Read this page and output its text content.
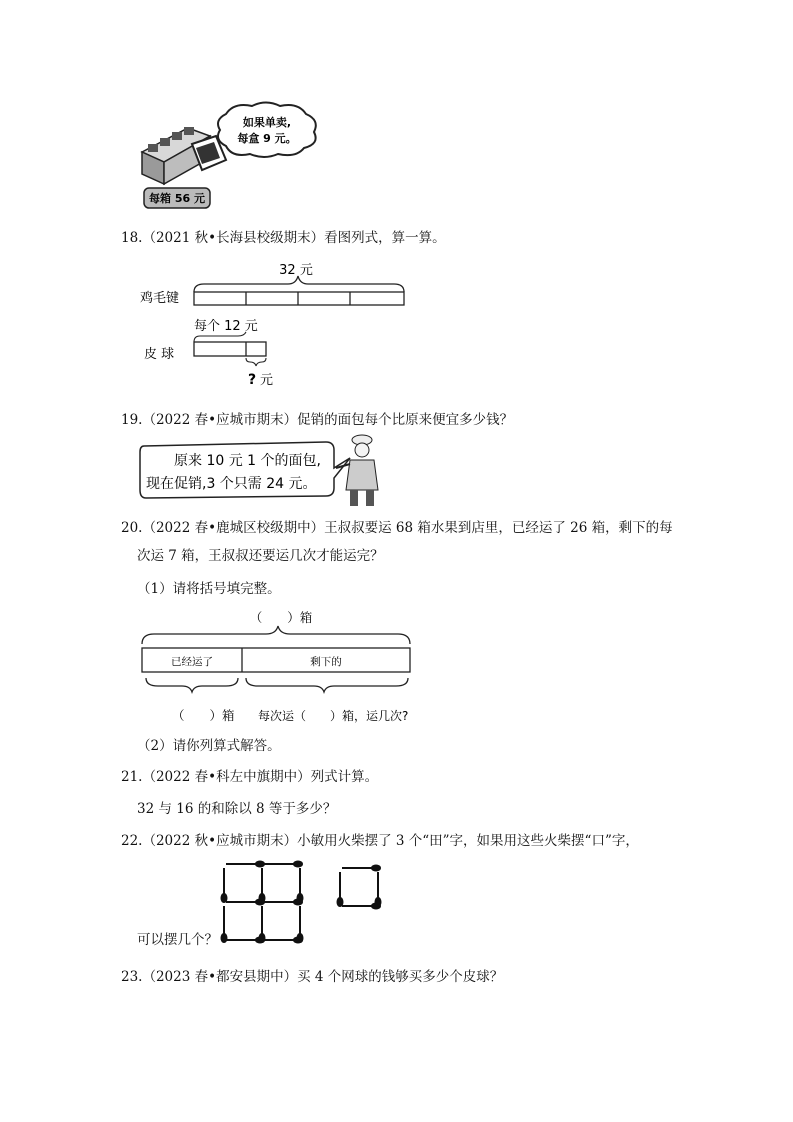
如果单卖,
每盒 9 元。
每箱 56 元
18.（2021 秋•长海县校级期末）看图列式，算一算。
32 元
鸡毛键
每个 12 元
皮 球
? 元
19.（2022 春•应城市期末）促销的面包每个比原来便宜多少钱？
原来 10 元 1 个的面包,
现在促销,3 个只需 24 元。
20.（2022 春•鹿城区校级期中）王叔叔要运 68 箱水果到店里，已经运了 26 箱，剩下的每
次运 7 箱，王叔叔还要运几次才能运完？
（1）请将括号填完整。
（　　）箱
已经运了	剩下的
（　　）箱 每次运（　　）箱，运几次?
（2）请你列算式解答。
21.（2022 春•科左中旗期中）列式计算。
32 与 16 的和除以 8 等于多少？
22.（2022 秋•应城市期末）小敏用火柴摆了 3 个“田”字，如果用这些火柴摆“口”字，
可以摆几个？
23.（2023 春•都安县期中）买 4 个网球的钱够买多少个皮球？
